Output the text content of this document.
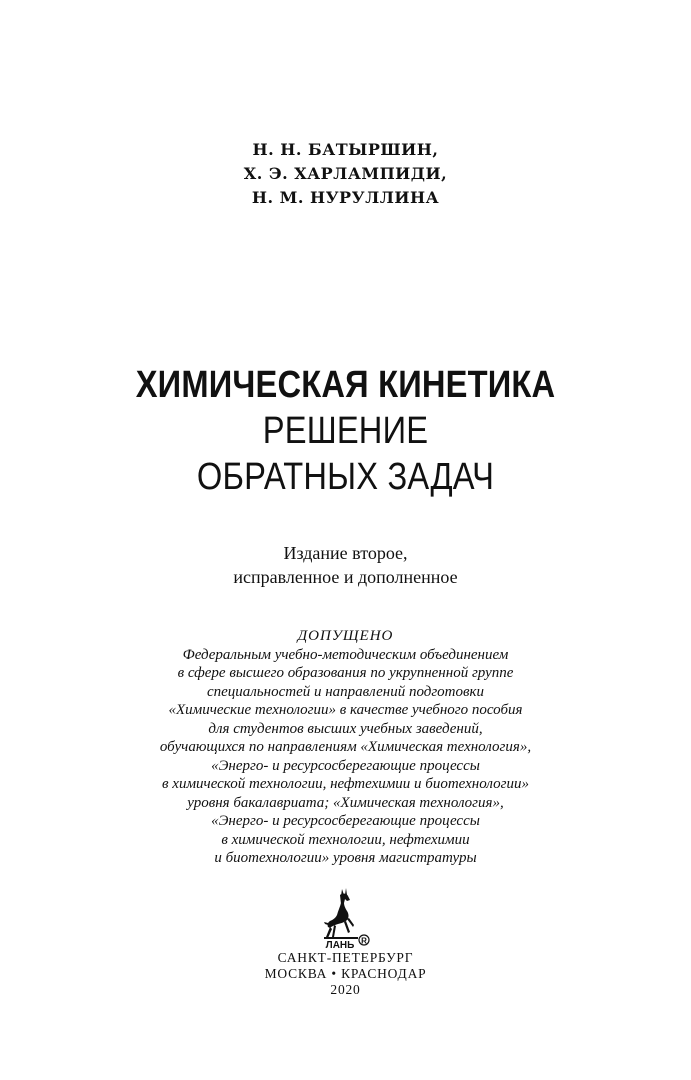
Н. Н. БАТЫРШИН,
Х. Э. ХАРЛАМПИДИ,
Н. М. НУРУЛЛИНА
ХИМИЧЕСКАЯ КИНЕТИКА
РЕШЕНИЕ
ОБРАТНЫХ ЗАДАЧ
Издание второе,
исправленное и дополненное
ДОПУЩЕНО
Федеральным учебно-методическим объединением
в сфере высшего образования по укрупненной группе
специальностей и направлений подготовки
«Химические технологии» в качестве учебного пособия
для студентов высших учебных заведений,
обучающихся по направлениям «Химическая технология»,
«Энерго- и ресурсосберегающие процессы
в химической технологии, нефтехимии и биотехнологии»
уровня бакалавриата; «Химическая технология»,
«Энерго- и ресурсосберегающие процессы
в химической технологии, нефтехимии
и биотехнологии» уровня магистратуры
ЛАНЬ R
САНКТ-ПЕТЕРБУРГ
МОСКВА • КРАСНОДАР
2020
